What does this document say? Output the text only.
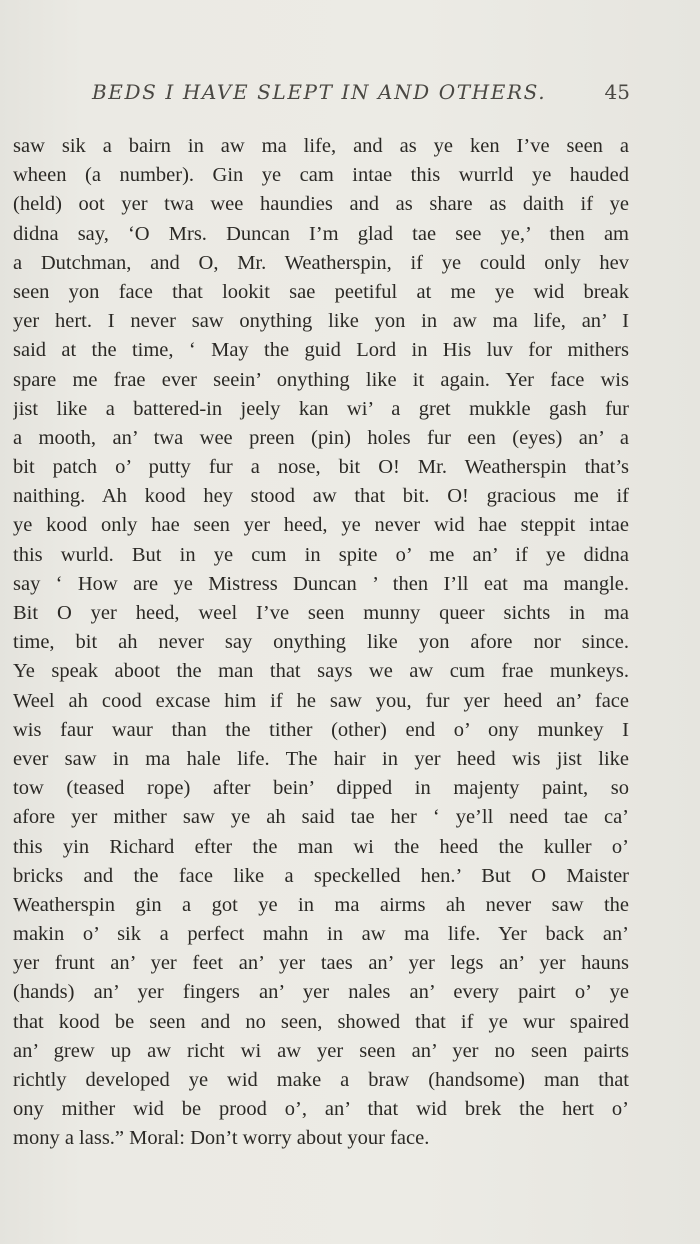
BEDS I HAVE SLEPT IN AND OTHERS.	45
saw sik a bairn in aw ma life, and as ye ken I’ve seen a
wheen (a number). Gin ye cam intae this wurrld ye hauded
(held) oot yer twa wee haundies and as share as daith if ye
didna say, ‘O Mrs. Duncan I’m glad tae see ye,’ then am
a Dutchman, and O, Mr. Weatherspin, if ye could only hev
seen yon face that lookit sae peetiful at me ye wid break
yer hert. I never saw onything like yon in aw ma life, an’ I
said at the time, ‘ May the guid Lord in His luv for mithers
spare me frae ever seein’ onything like it again. Yer face wis
jist like a battered-in jeely kan wi’ a gret mukkle gash fur
a mooth, an’ twa wee preen (pin) holes fur een (eyes) an’ a
bit patch o’ putty fur a nose, bit O! Mr. Weatherspin that’s
naithing. Ah kood hey stood aw that bit. O! gracious me if
ye kood only hae seen yer heed, ye never wid hae steppit intae
this wurld. But in ye cum in spite o’ me an’ if ye didna
say ‘ How are ye Mistress Duncan ’ then I’ll eat ma mangle.
Bit O yer heed, weel I’ve seen munny queer sichts in ma
time, bit ah never say onything like yon afore nor since.
Ye speak aboot the man that says we aw cum frae munkeys.
Weel ah cood excase him if he saw you, fur yer heed an’ face
wis faur waur than the tither (other) end o’ ony munkey I
ever saw in ma hale life. The hair in yer heed wis jist like
tow (teased rope) after bein’ dipped in majenty paint, so
afore yer mither saw ye ah said tae her ‘ ye’ll need tae ca’
this yin Richard efter the man wi the heed the kuller o’
bricks and the face like a speckelled hen.’ But O Maister
Weatherspin gin a got ye in ma airms ah never saw the
makin o’ sik a perfect mahn in aw ma life. Yer back an’
yer frunt an’ yer feet an’ yer taes an’ yer legs an’ yer hauns
(hands) an’ yer fingers an’ yer nales an’ every pairt o’ ye
that kood be seen and no seen, showed that if ye wur spaired
an’ grew up aw richt wi aw yer seen an’ yer no seen pairts
richtly developed ye wid make a braw (handsome) man that
ony mither wid be prood o’, an’ that wid brek the hert o’
mony a lass.” Moral: Don’t worry about your face.
